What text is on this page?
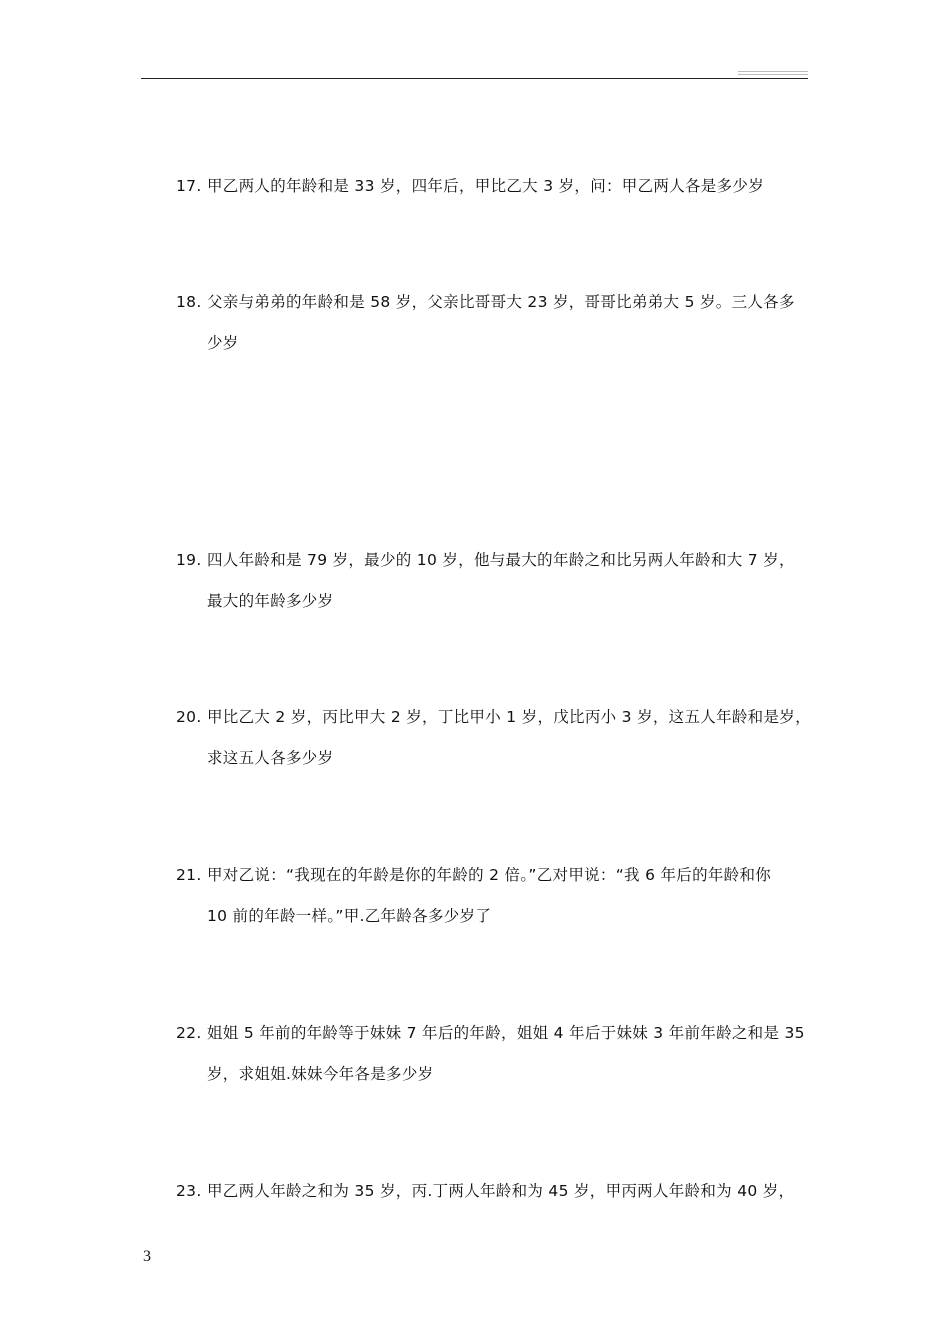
17. 甲乙两人的年龄和是 33 岁，四年后，甲比乙大 3 岁，问：甲乙两人各是多少岁
18. 父亲与弟弟的年龄和是 58 岁，父亲比哥哥大 23 岁，哥哥比弟弟大 5 岁。三人各多
少岁
19. 四人年龄和是 79 岁，最少的 10 岁，他与最大的年龄之和比另两人年龄和大 7 岁，
最大的年龄多少岁
20. 甲比乙大 2 岁，丙比甲大 2 岁，丁比甲小 1 岁，戊比丙小 3 岁，这五人年龄和是岁，
求这五人各多少岁
21. 甲对乙说：“我现在的年龄是你的年龄的 2 倍。”乙对甲说：“我 6 年后的年龄和你
10 前的年龄一样。”甲.乙年龄各多少岁了
22. 姐姐 5 年前的年龄等于妹妹 7 年后的年龄，姐姐 4 年后于妹妹 3 年前年龄之和是 35
岁，求姐姐.妹妹今年各是多少岁
23. 甲乙两人年龄之和为 35 岁，丙.丁两人年龄和为 45 岁，甲丙两人年龄和为 40 岁，
3
